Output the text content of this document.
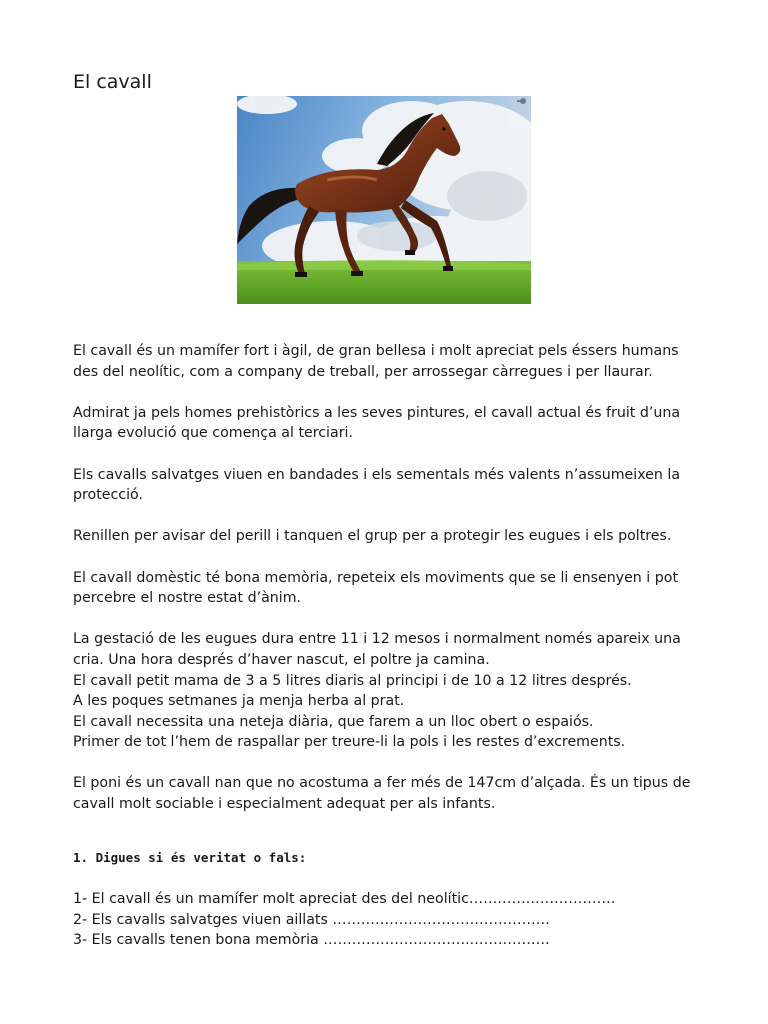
El cavall

El cavall és un mamífer fort i àgil, de gran bellesa i molt apreciat pels éssers humans des del neolític, com a company de treball, per arrossegar càrregues i per llaurar.

Admirat ja pels homes prehistòrics a les seves pintures, el cavall actual és fruit d’una llarga evolució que comença al terciari.

Els cavalls salvatges viuen en bandades i els sementals més valents n’assumeixen la protecció.

Renillen per avisar del perill i tanquen el grup per a protegir les eugues i els poltres.

El cavall domèstic té bona memòria, repeteix els moviments que se li ensenyen i pot percebre el nostre estat d’ànim.

La gestació de les eugues dura entre 11 i 12 mesos i normalment només apareix una cria. Una hora després d’haver nascut, el poltre ja camina.
El cavall petit mama de 3 a 5 litres diaris al principi i de 10 a 12 litres després.
A les poques setmanes ja menja herba al prat.
El cavall necessita una neteja diària, que farem a un lloc obert o espaiós.
Primer de tot l’hem de raspallar per treure-li la pols i les restes d’excrements.

El poni és un cavall nan que no acostuma a fer més de 147cm d’alçada. És un tipus de cavall molt sociable i especialment adequat per als infants.

1. Digues si és veritat o fals:
1- El cavall és un mamífer molt apreciat des del neolític………………………….
2- Els cavalls salvatges viuen aillats ……………………………………….
3- Els cavalls tenen bona memòria …………………………..…………….
